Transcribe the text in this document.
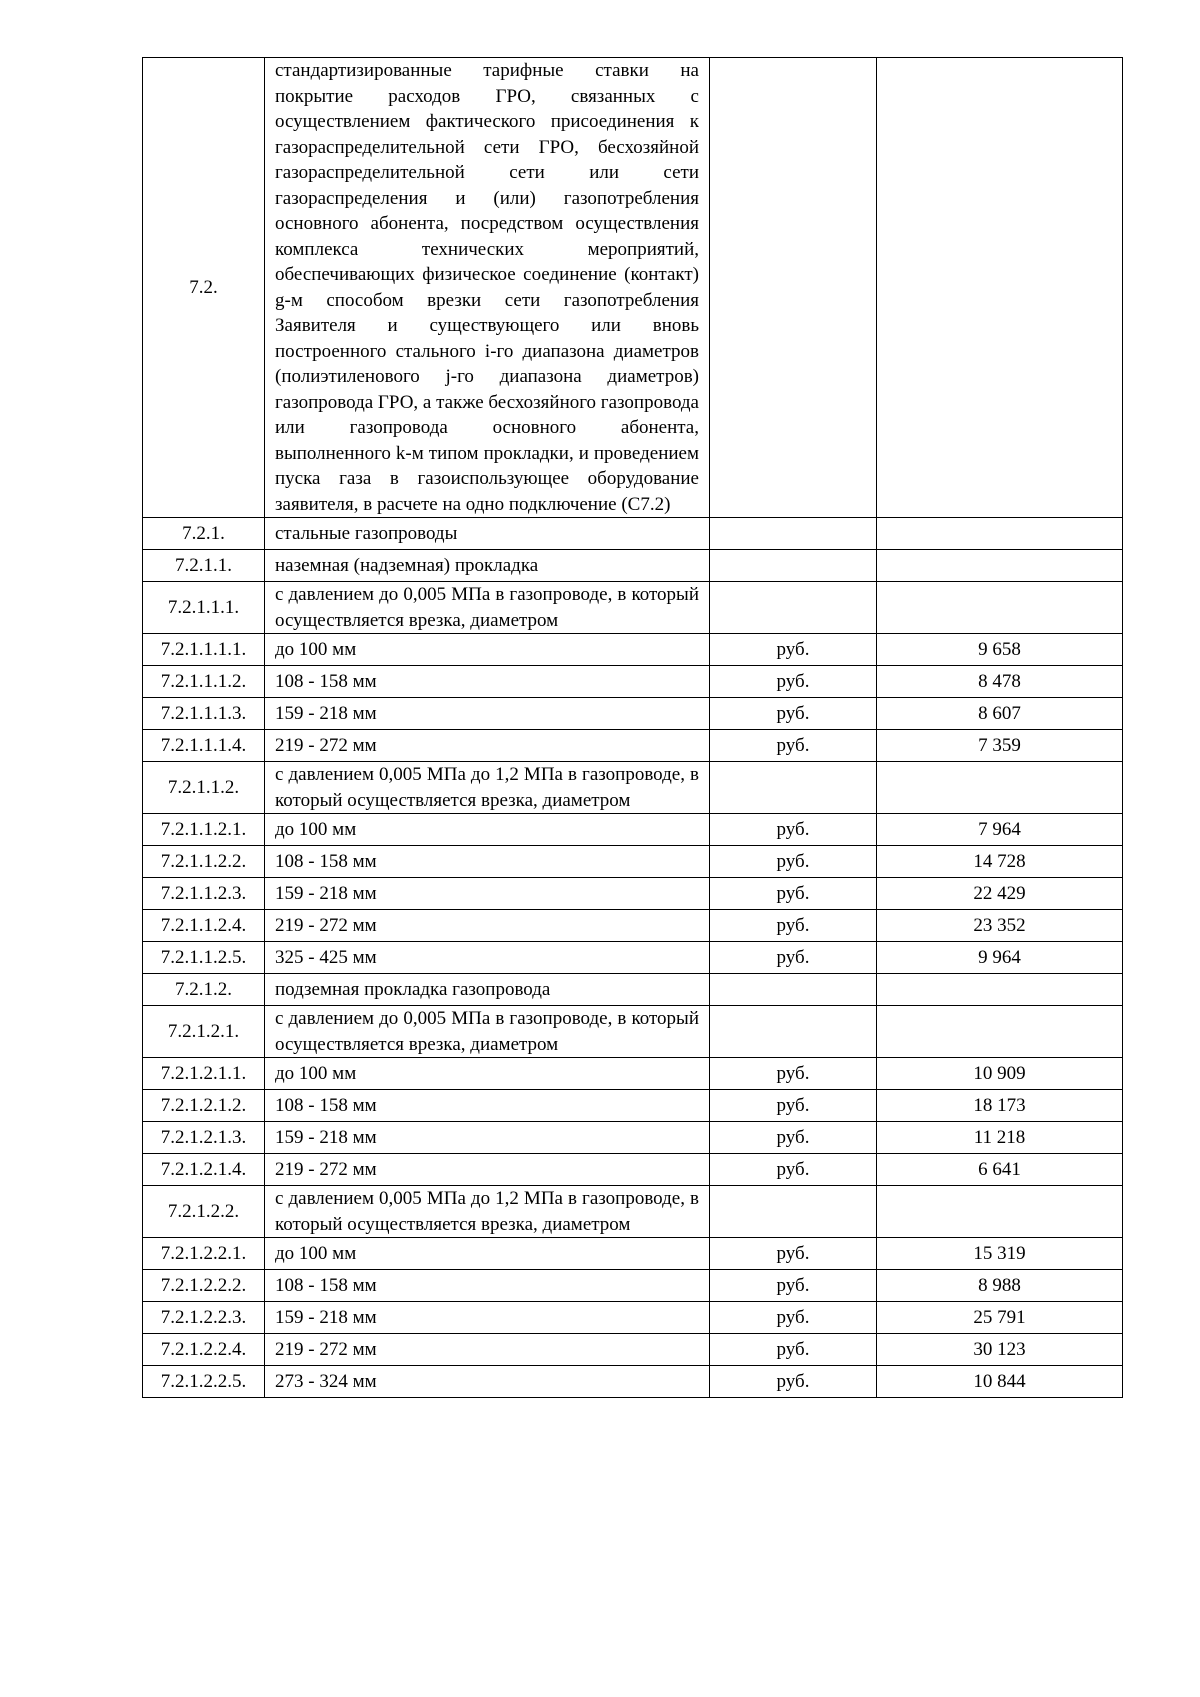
7.2.	стандартизированные тарифные ставки на покрытие расходов ГРО, связанных с осуществлением фактического присоединения к газораспределительной сети ГРО, бесхозяйной газораспределительной сети или сети газораспределения и (или) газопотребления основного абонента, посредством осуществления комплекса технических мероприятий, обеспечивающих физическое соединение (контакт) g-м способом врезки сети газопотребления Заявителя и существующего или вновь построенного стального i-го диапазона диаметров (полиэтиленового j-го диапазона диаметров) газопровода ГРО, а также бесхозяйного газопровода или газопровода основного абонента, выполненного k-м типом прокладки, и проведением пуска газа в газоиспользующее оборудование заявителя, в расчете на одно подключение (С7.2)		
7.2.1.	стальные газопроводы		
7.2.1.1.	наземная (надземная) прокладка		
7.2.1.1.1.	с давлением до 0,005 МПа в газопроводе, в который осуществляется врезка, диаметром		
7.2.1.1.1.1.	до 100 мм	руб.	9 658
7.2.1.1.1.2.	108 - 158 мм	руб.	8 478
7.2.1.1.1.3.	159 - 218 мм	руб.	8 607
7.2.1.1.1.4.	219 - 272 мм	руб.	7 359
7.2.1.1.2.	с давлением 0,005 МПа до 1,2 МПа в газопроводе, в который осуществляется врезка, диаметром		
7.2.1.1.2.1.	до 100 мм	руб.	7 964
7.2.1.1.2.2.	108 - 158 мм	руб.	14 728
7.2.1.1.2.3.	159 - 218 мм	руб.	22 429
7.2.1.1.2.4.	219 - 272 мм	руб.	23 352
7.2.1.1.2.5.	325 - 425 мм	руб.	9 964
7.2.1.2.	подземная прокладка газопровода		
7.2.1.2.1.	с давлением до 0,005 МПа в газопроводе, в который осуществляется врезка, диаметром		
7.2.1.2.1.1.	до 100 мм	руб.	10 909
7.2.1.2.1.2.	108 - 158 мм	руб.	18 173
7.2.1.2.1.3.	159 - 218 мм	руб.	11 218
7.2.1.2.1.4.	219 - 272 мм	руб.	6 641
7.2.1.2.2.	с давлением 0,005 МПа до 1,2 МПа в газопроводе, в который осуществляется врезка, диаметром		
7.2.1.2.2.1.	до 100 мм	руб.	15 319
7.2.1.2.2.2.	108 - 158 мм	руб.	8 988
7.2.1.2.2.3.	159 - 218 мм	руб.	25 791
7.2.1.2.2.4.	219 - 272 мм	руб.	30 123
7.2.1.2.2.5.	273 - 324 мм	руб.	10 844
